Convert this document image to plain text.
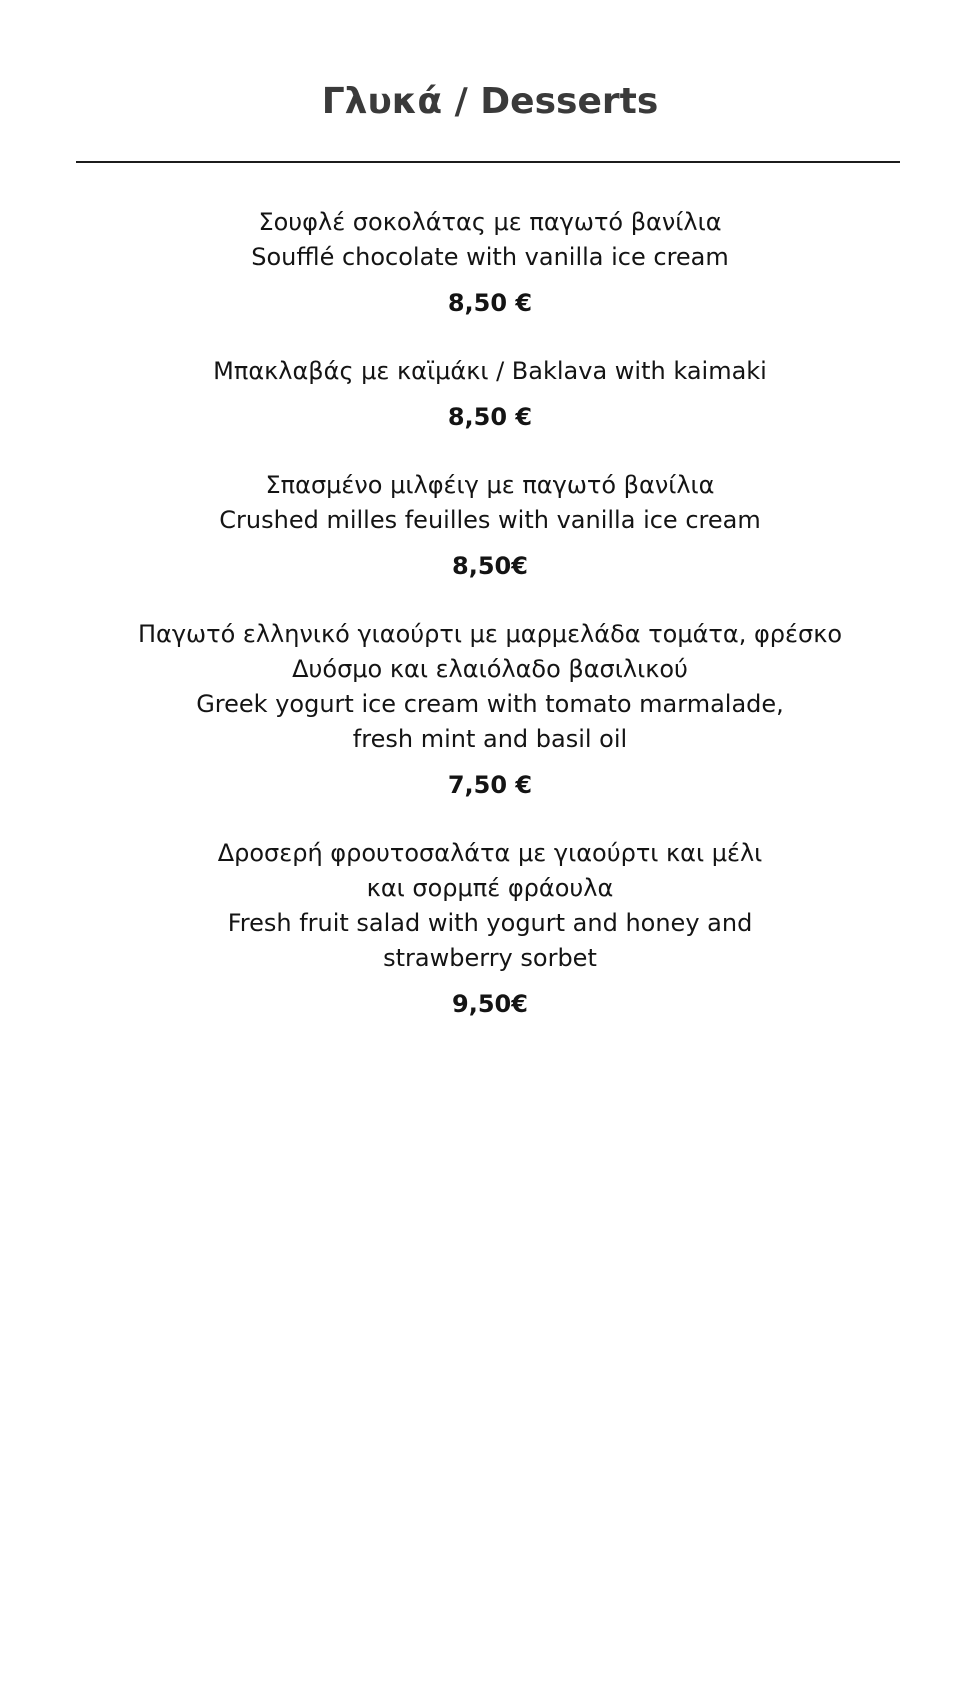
Γλυκά / Desserts
Σουφλέ σοκολάτας με παγωτό βανίλια
Soufflé chocolate with vanilla ice cream
8,50 €
Μπακλαβάς με καϊμάκι / Baklava with kaimaki
8,50 €
Σπασμένο μιλφέιγ με παγωτό βανίλια
Crushed milles feuilles with vanilla ice cream
8,50€
Παγωτό ελληνικό γιαούρτι με μαρμελάδα τομάτα, φρέσκο
Δυόσμο και ελαιόλαδο βασιλικού
Greek yogurt ice cream with tomato marmalade,
fresh mint and basil oil
7,50 €
Δροσερή φρουτοσαλάτα με γιαούρτι και μέλι
και σορμπέ φράουλα
Fresh fruit salad with yogurt and honey and
strawberry sorbet
9,50€
